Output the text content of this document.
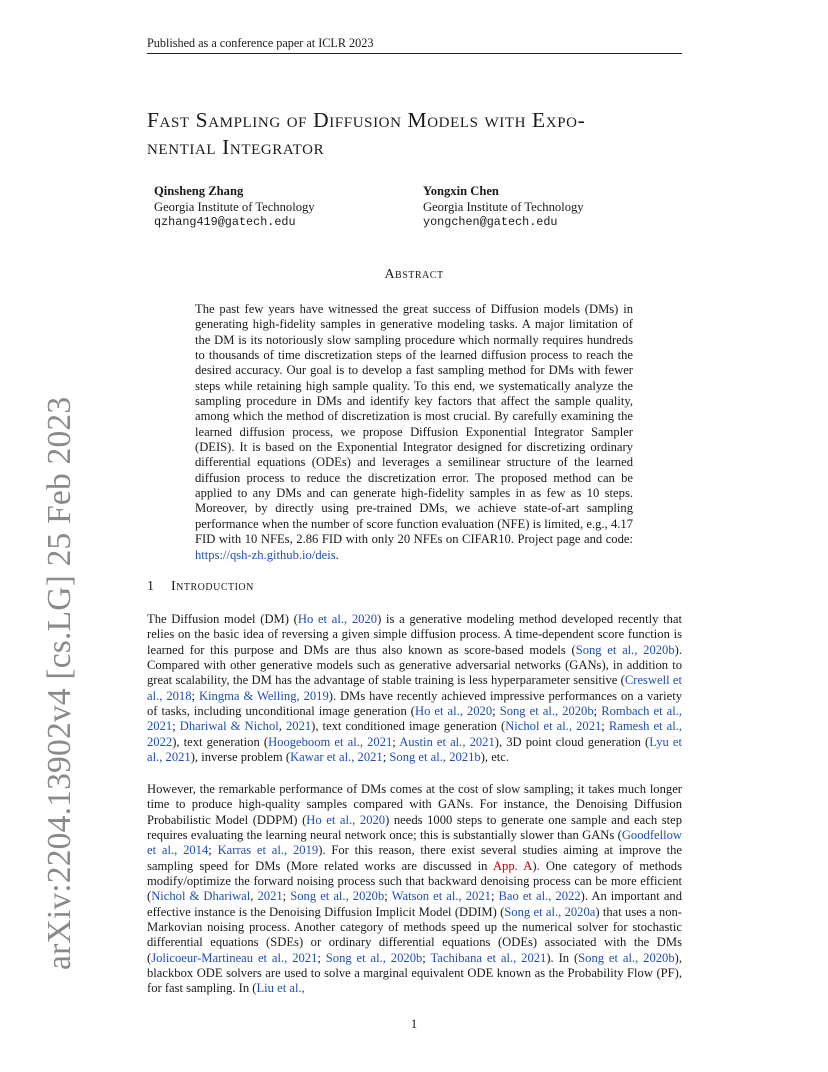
Published as a conference paper at ICLR 2023
arXiv:2204.13902v4 [cs.LG] 25 Feb 2023
Fast Sampling of Diffusion Models with Expo-
nential Integrator
Qinsheng Zhang
Georgia Institute of Technology
qzhang419@gatech.edu
Yongxin Chen
Georgia Institute of Technology
yongchen@gatech.edu
Abstract
The past few years have witnessed the great success of Diffusion models (DMs) in generating high-fidelity samples in generative modeling tasks. A major limitation of the DM is its notoriously slow sampling procedure which normally requires hundreds to thousands of time discretization steps of the learned diffusion process to reach the desired accuracy. Our goal is to develop a fast sampling method for DMs with fewer steps while retaining high sample quality. To this end, we systematically analyze the sampling procedure in DMs and identify key factors that affect the sample quality, among which the method of discretization is most crucial. By carefully examining the learned diffusion process, we propose Diffusion Exponential Integrator Sampler (DEIS). It is based on the Exponential Integrator designed for discretizing ordinary differential equations (ODEs) and leverages a semilinear structure of the learned diffusion process to reduce the discretization error. The proposed method can be applied to any DMs and can generate high-fidelity samples in as few as 10 steps. Moreover, by directly using pre-trained DMs, we achieve state-of-art sampling performance when the number of score function evaluation (NFE) is limited, e.g., 4.17 FID with 10 NFEs, 2.86 FID with only 20 NFEs on CIFAR10. Project page and code: https://qsh-zh.github.io/deis.
1 Introduction

The Diffusion model (DM) (Ho et al., 2020) is a generative modeling method developed recently that relies on the basic idea of reversing a given simple diffusion process. A time-dependent score function is learned for this purpose and DMs are thus also known as score-based models (Song et al., 2020b). Compared with other generative models such as generative adversarial networks (GANs), in addition to great scalability, the DM has the advantage of stable training is less hyperparameter sensitive (Creswell et al., 2018; Kingma & Welling, 2019). DMs have recently achieved impressive performances on a variety of tasks, including unconditional image generation (Ho et al., 2020; Song et al., 2020b; Rombach et al., 2021; Dhariwal & Nichol, 2021), text conditioned image generation (Nichol et al., 2021; Ramesh et al., 2022), text generation (Hoogeboom et al., 2021; Austin et al., 2021), 3D point cloud generation (Lyu et al., 2021), inverse problem (Kawar et al., 2021; Song et al., 2021b), etc.

However, the remarkable performance of DMs comes at the cost of slow sampling; it takes much longer time to produce high-quality samples compared with GANs. For instance, the Denoising Diffusion Probabilistic Model (DDPM) (Ho et al., 2020) needs 1000 steps to generate one sample and each step requires evaluating the learning neural network once; this is substantially slower than GANs (Goodfellow et al., 2014; Karras et al., 2019). For this reason, there exist several studies aiming at improve the sampling speed for DMs (More related works are discussed in App. A). One category of methods modify/optimize the forward noising process such that backward denoising process can be more efficient (Nichol & Dhariwal, 2021; Song et al., 2020b; Watson et al., 2021; Bao et al., 2022). An important and effective instance is the Denoising Diffusion Implicit Model (DDIM) (Song et al., 2020a) that uses a non-Markovian noising process. Another category of methods speed up the numerical solver for stochastic differential equations (SDEs) or ordinary differential equations (ODEs) associated with the DMs (Jolicoeur-Martineau et al., 2021; Song et al., 2020b; Tachibana et al., 2021). In (Song et al., 2020b), blackbox ODE solvers are used to solve a marginal equivalent ODE known as the Probability Flow (PF), for fast sampling. In (Liu et al.,

1
